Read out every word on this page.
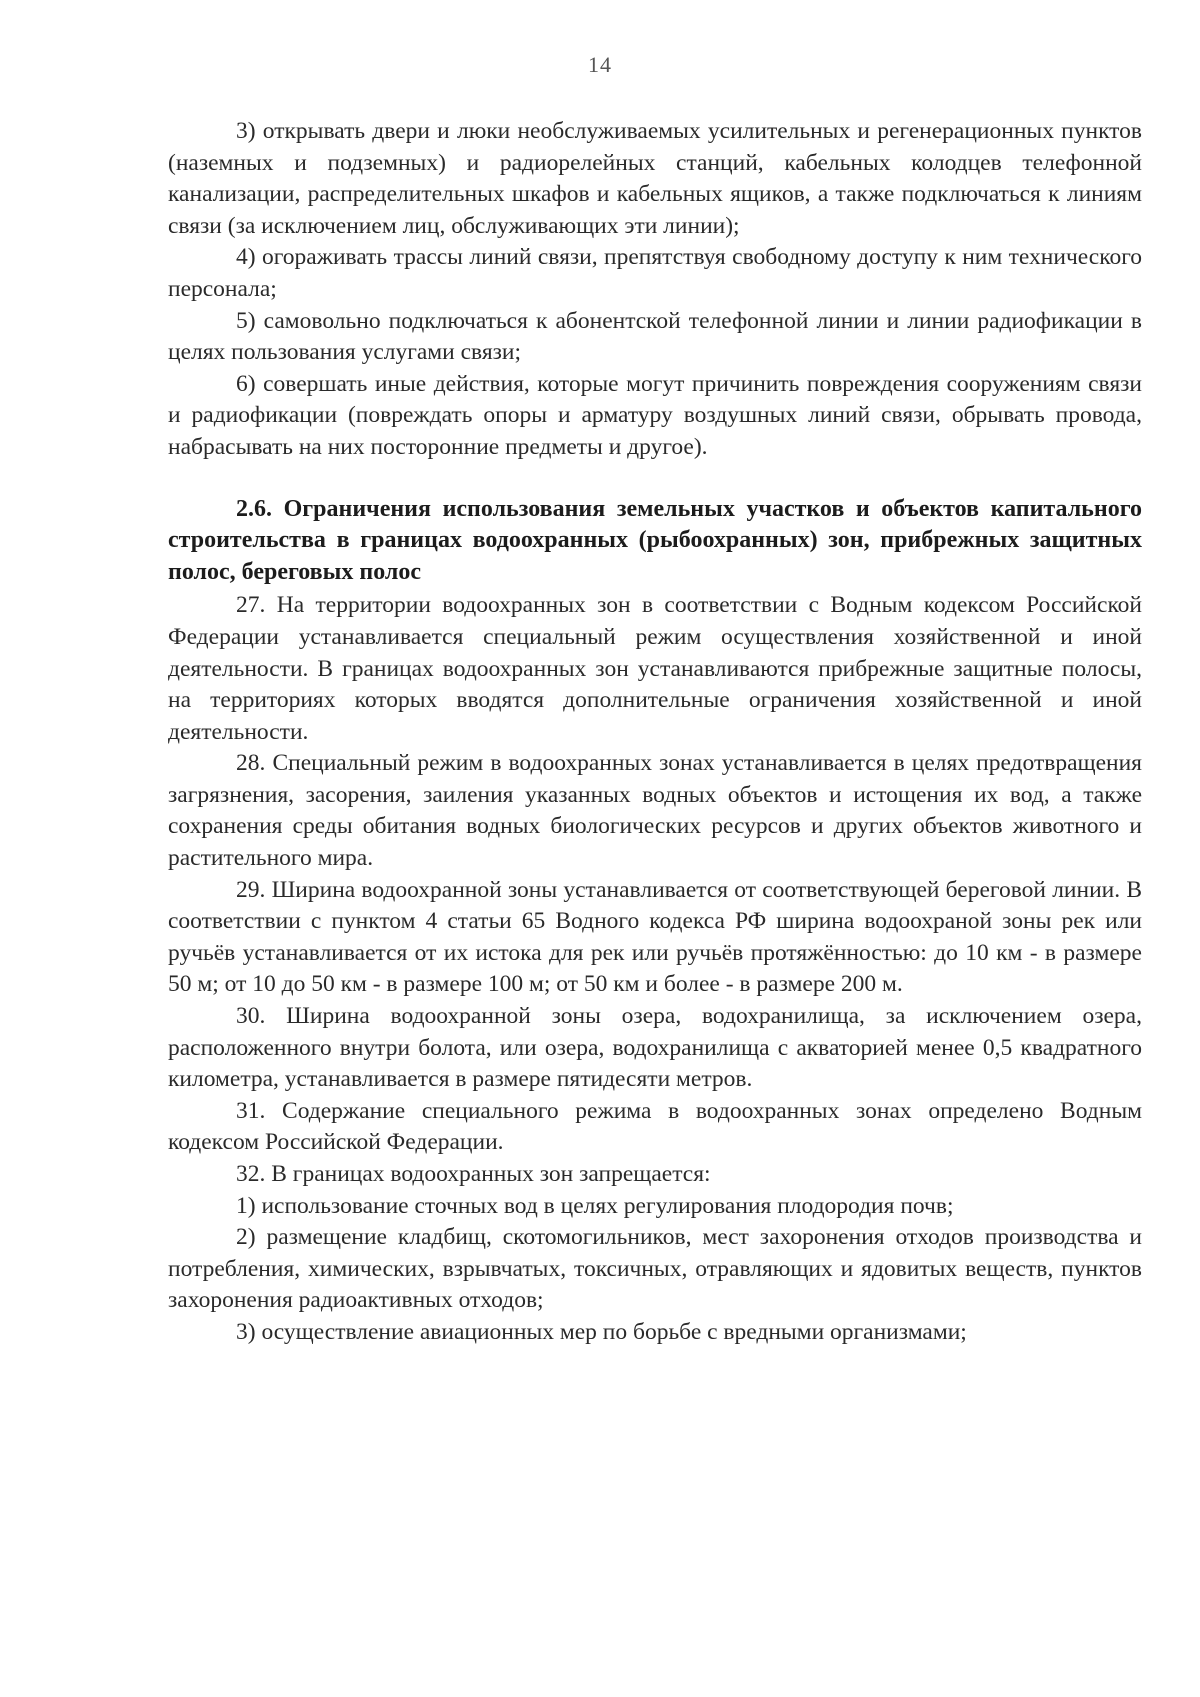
14

3) открывать двери и люки необслуживаемых усилительных и регенерационных пунктов (наземных и подземных) и радиорелейных станций, кабельных колодцев телефонной канализации, распределительных шкафов и кабельных ящиков, а также подключаться к линиям связи (за исключением лиц, обслуживающих эти линии);

4) огораживать трассы линий связи, препятствуя свободному доступу к ним технического персонала;

5) самовольно подключаться к абонентской телефонной линии и линии радиофикации в целях пользования услугами связи;

6) совершать иные действия, которые могут причинить повреждения сооружениям связи и радиофикации (повреждать опоры и арматуру воздушных линий связи, обрывать провода, набрасывать на них посторонние предметы и другое).

2.6. Ограничения использования земельных участков и объектов капитального строительства в границах водоохранных (рыбоохранных) зон, прибрежных защитных полос, береговых полос

27. На территории водоохранных зон в соответствии с Водным кодексом Российской Федерации устанавливается специальный режим осуществления хозяйственной и иной деятельности. В границах водоохранных зон устанавливаются прибрежные защитные полосы, на территориях которых вводятся дополнительные ограничения хозяйственной и иной деятельности.

28. Специальный режим в водоохранных зонах устанавливается в целях предотвращения загрязнения, засорения, заиления указанных водных объектов и истощения их вод, а также сохранения среды обитания водных биологических ресурсов и других объектов животного и растительного мира.

29. Ширина водоохранной зоны устанавливается от соответствующей береговой линии. В соответствии с пунктом 4 статьи 65 Водного кодекса РФ ширина водоохраной зоны рек или ручьёв устанавливается от их истока для рек или ручьёв протяжённостью: до 10 км - в размере 50 м; от 10 до 50 км - в размере 100 м; от 50 км и более - в размере 200 м.

30. Ширина водоохранной зоны озера, водохранилища, за исключением озера, расположенного внутри болота, или озера, водохранилища с акваторией менее 0,5 квадратного километра, устанавливается в размере пятидесяти метров.

31. Содержание специального режима в водоохранных зонах определено Водным кодексом Российской Федерации.

32. В границах водоохранных зон запрещается:

1) использование сточных вод в целях регулирования плодородия почв;

2) размещение кладбищ, скотомогильников, мест захоронения отходов производства и потребления, химических, взрывчатых, токсичных, отравляющих и ядовитых веществ, пунктов захоронения радиоактивных отходов;

3) осуществление авиационных мер по борьбе с вредными организмами;
